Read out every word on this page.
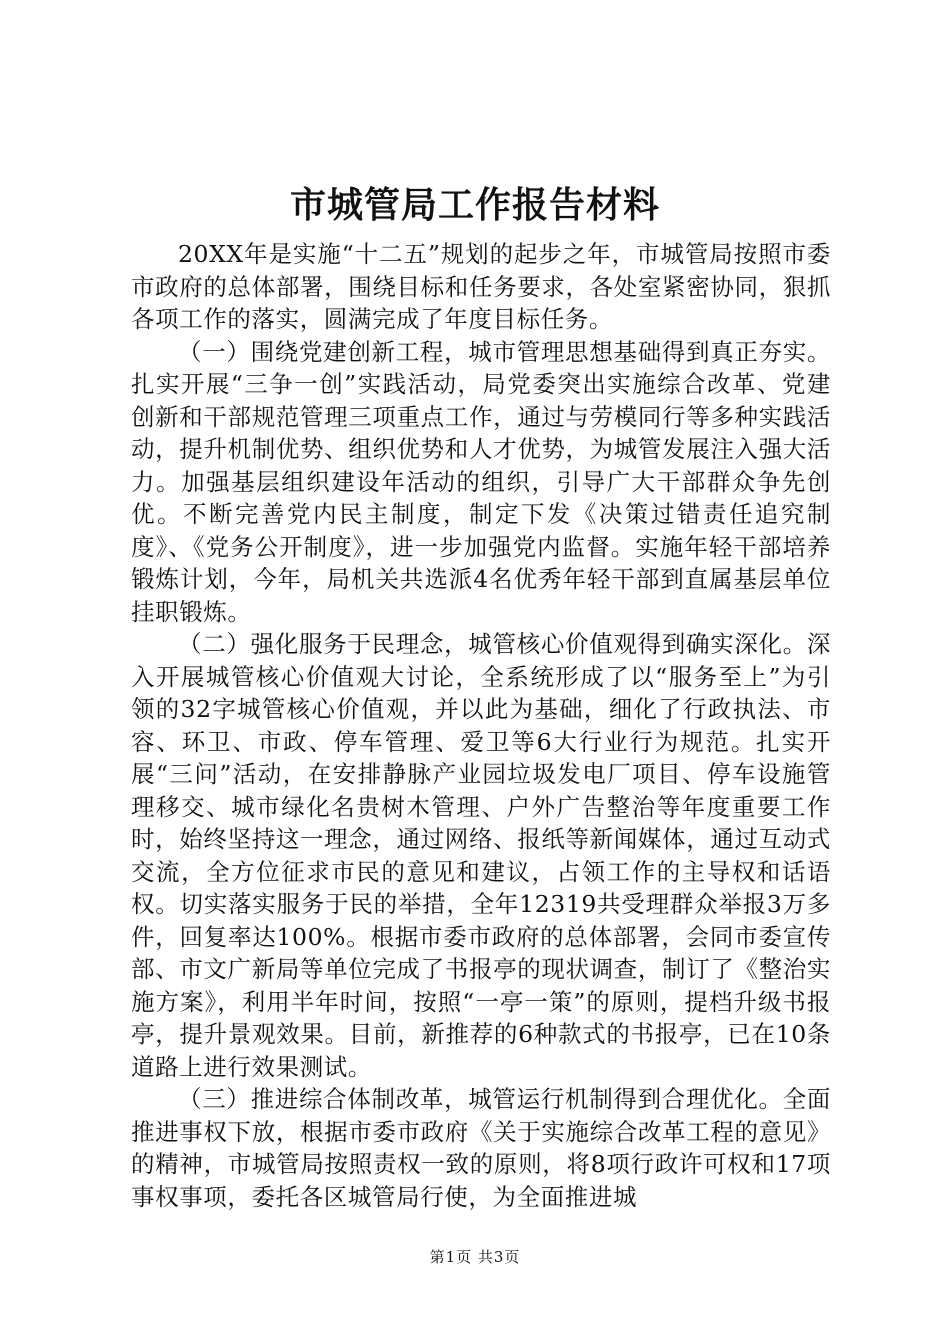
市城管局工作报告材料

20XX年是实施“十二五”规划的起步之年，市城管局按照市委市政府的总体部署，围绕目标和任务要求，各处室紧密协同，狠抓各项工作的落实，圆满完成了年度目标任务。

（一）围绕党建创新工程，城市管理思想基础得到真正夯实。扎实开展“三争一创”实践活动，局党委突出实施综合改革、党建创新和干部规范管理三项重点工作，通过与劳模同行等多种实践活动，提升机制优势、组织优势和人才优势，为城管发展注入强大活力。加强基层组织建设年活动的组织，引导广大干部群众争先创优。不断完善党内民主制度，制定下发《决策过错责任追究制度》、《党务公开制度》，进一步加强党内监督。实施年轻干部培养锻炼计划，今年，局机关共选派4名优秀年轻干部到直属基层单位挂职锻炼。

（二）强化服务于民理念，城管核心价值观得到确实深化。深入开展城管核心价值观大讨论，全系统形成了以“服务至上”为引领的32字城管核心价值观，并以此为基础，细化了行政执法、市容、环卫、市政、停车管理、爱卫等6大行业行为规范。扎实开展“三问”活动，在安排静脉产业园垃圾发电厂项目、停车设施管理移交、城市绿化名贵树木管理、户外广告整治等年度重要工作时，始终坚持这一理念，通过网络、报纸等新闻媒体，通过互动式交流，全方位征求市民的意见和建议，占领工作的主导权和话语权。切实落实服务于民的举措，全年12319共受理群众举报3万多件，回复率达100%。根据市委市政府的总体部署，会同市委宣传部、市文广新局等单位完成了书报亭的现状调查，制订了《整治实施方案》，利用半年时间，按照“一亭一策”的原则，提档升级书报亭，提升景观效果。目前，新推荐的6种款式的书报亭，已在10条道路上进行效果测试。

（三）推进综合体制改革，城管运行机制得到合理优化。全面推进事权下放，根据市委市政府《关于实施综合改革工程的意见》的精神，市城管局按照责权一致的原则，将8项行政许可权和17项事权事项，委托各区城管局行使，为全面推进城

第1页 共3页
